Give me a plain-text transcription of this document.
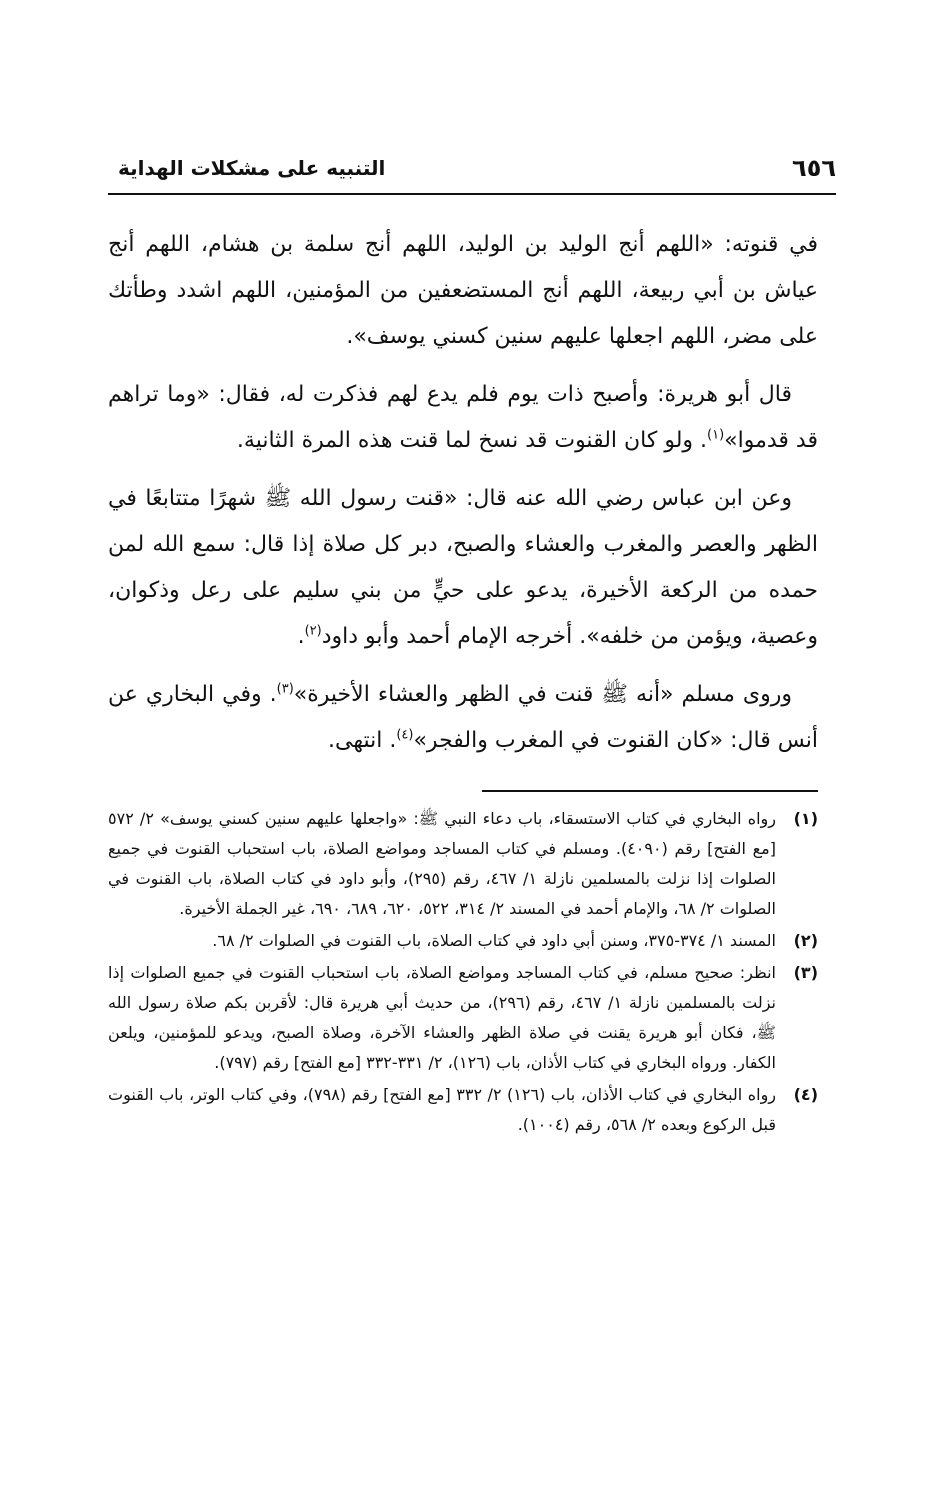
٦٥٦
التنبيه على مشكلات الهداية

في قنوته: «اللهم أنج الوليد بن الوليد، اللهم أنج سلمة بن هشام، اللهم أنج عياش بن أبي ربيعة، اللهم أنج المستضعفين من المؤمنين، اللهم اشدد وطأتك على مضر، اللهم اجعلها عليهم سنين كسني يوسف».

قال أبو هريرة: وأصبح ذات يوم فلم يدع لهم فذكرت له، فقال: «وما تراهم قد قدموا»$^{(١)}$. ولو كان القنوت قد نسخ لما قنت هذه المرة الثانية.

وعن ابن عباس رضي الله عنه قال: «قنت رسول الله ﷺ شهرًا متتابعًا في الظهر والعصر والمغرب والعشاء والصبح، دبر كل صلاة إذا قال: سمع الله لمن حمده من الركعة الأخيرة، يدعو على حيٍّ من بني سليم على رعل وذكوان، وعصية، ويؤمن من خلفه». أخرجه الإمام أحمد وأبو داود$^{(٢)}$.

وروى مسلم «أنه ﷺ قنت في الظهر والعشاء الأخيرة»$^{(٣)}$. وفي البخاري عن أنس قال: «كان القنوت في المغرب والفجر»$^{(٤)}$. انتهى.

(١)
رواه البخاري في كتاب الاستسقاء، باب دعاء النبي ﷺ: «واجعلها عليهم سنين كسني يوسف» ٢/ ٥٧٢ [مع الفتح] رقم (٤٠٩٠). ومسلم في كتاب المساجد ومواضع الصلاة، باب استحباب القنوت في جميع الصلوات إذا نزلت بالمسلمين نازلة ١/ ٤٦٧، رقم (٢٩٥)، وأبو داود في كتاب الصلاة، باب القنوت في الصلوات ٢/ ٦٨، والإمام أحمد في المسند ٢/ ٣١٤، ٥٢٢، ٦٢٠، ٦٨٩، ٦٩٠، غير الجملة الأخيرة.
(٢)
المسند ١/ ٣٧٤-٣٧٥، وسنن أبي داود في كتاب الصلاة، باب القنوت في الصلوات ٢/ ٦٨.
(٣)
انظر: صحيح مسلم، في كتاب المساجد ومواضع الصلاة، باب استحباب القنوت في جميع الصلوات إذا نزلت بالمسلمين نازلة ١/ ٤٦٧، رقم (٢٩٦)، من حديث أبي هريرة قال: لأقربن بكم صلاة رسول الله ﷺ، فكان أبو هريرة يقنت في صلاة الظهر والعشاء الآخرة، وصلاة الصبح، ويدعو للمؤمنين، ويلعن الكفار. ورواه البخاري في كتاب الأذان، باب (١٢٦)، ٢/ ٣٣١-٣٣٢ [مع الفتح] رقم (٧٩٧).
(٤)
رواه البخاري في كتاب الأذان، باب (١٢٦) ٢/ ٣٣٢ [مع الفتح] رقم (٧٩٨)، وفي كتاب الوتر، باب القنوت قبل الركوع وبعده ٢/ ٥٦٨، رقم (١٠٠٤).
